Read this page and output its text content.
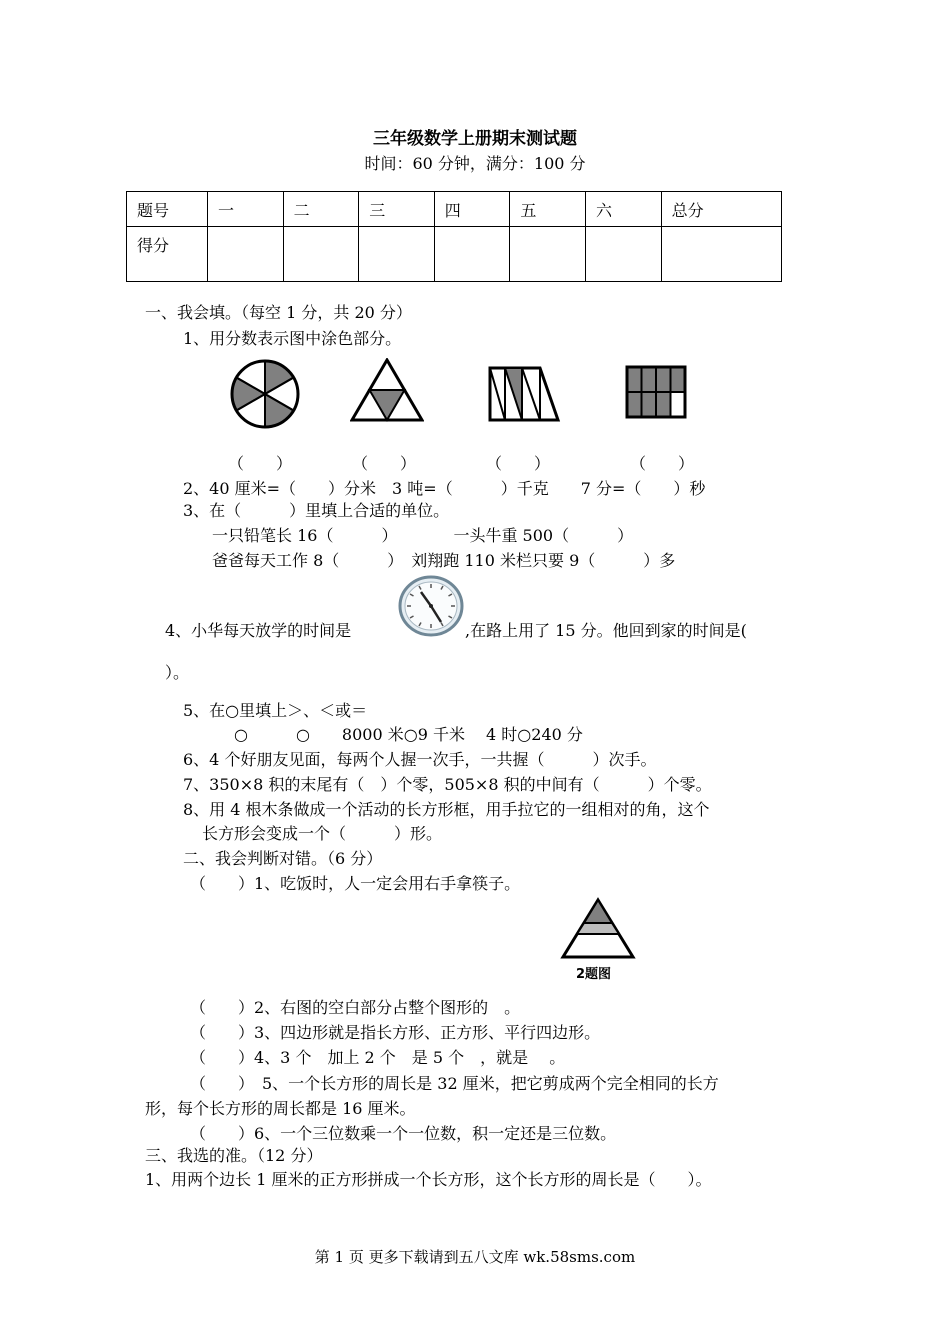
三年级数学上册期末测试题
时间：60 分钟，满分：100 分
题号	一	二	三	四	五	六	总分
得分							
一、我会填。（每空 1 分，共 20 分）
1、用分数表示图中涂色部分。
（　　）	（　　）	（　　）	（　　）
2、40 厘米=（　　）分米　3 吨=（　　　）千克　　7 分=（　　）秒
3、在（　　　）里填上合适的单位。
一只铅笔长 16（　　　）　　　　一头牛重 500（　　　）
爸爸每天工作 8（　　　）　刘翔跑 110 米栏只要 9（　　　）多
4、小华每天放学的时间是	,在路上用了 15 分。他回到家的时间是(
）。
5、在○里填上＞、＜或＝
○　　　○　　8000 米○9 千米　 4 时○240 分
6、4 个好朋友见面，每两个人握一次手，一共握（　　　）次手。
7、350×8 积的末尾有（　）个零，505×8 积的中间有（　　　）个零。
8、用 4 根木条做成一个活动的长方形框，用手拉它的一组相对的角，这个
长方形会变成一个（　　　）形。
二、我会判断对错。（6 分）
（　　）1、吃饭时，人一定会用右手拿筷子。
2题图
（　　）2、右图的空白部分占整个图形的　。
（　　）3、四边形就是指长方形、正方形、平行四边形。
（　　）4、3 个　加上 2 个　是 5 个　，就是　 。
（　　）　5、一个长方形的周长是 32 厘米，把它剪成两个完全相同的长方
形，每个长方形的周长都是 16 厘米。
（　　）6、一个三位数乘一个一位数，积一定还是三位数。
三、我选的准。（12 分）
1、用两个边长 1 厘米的正方形拼成一个长方形，这个长方形的周长是（　　）。
第 1 页 更多下载请到五八文库 wk.58sms.com
